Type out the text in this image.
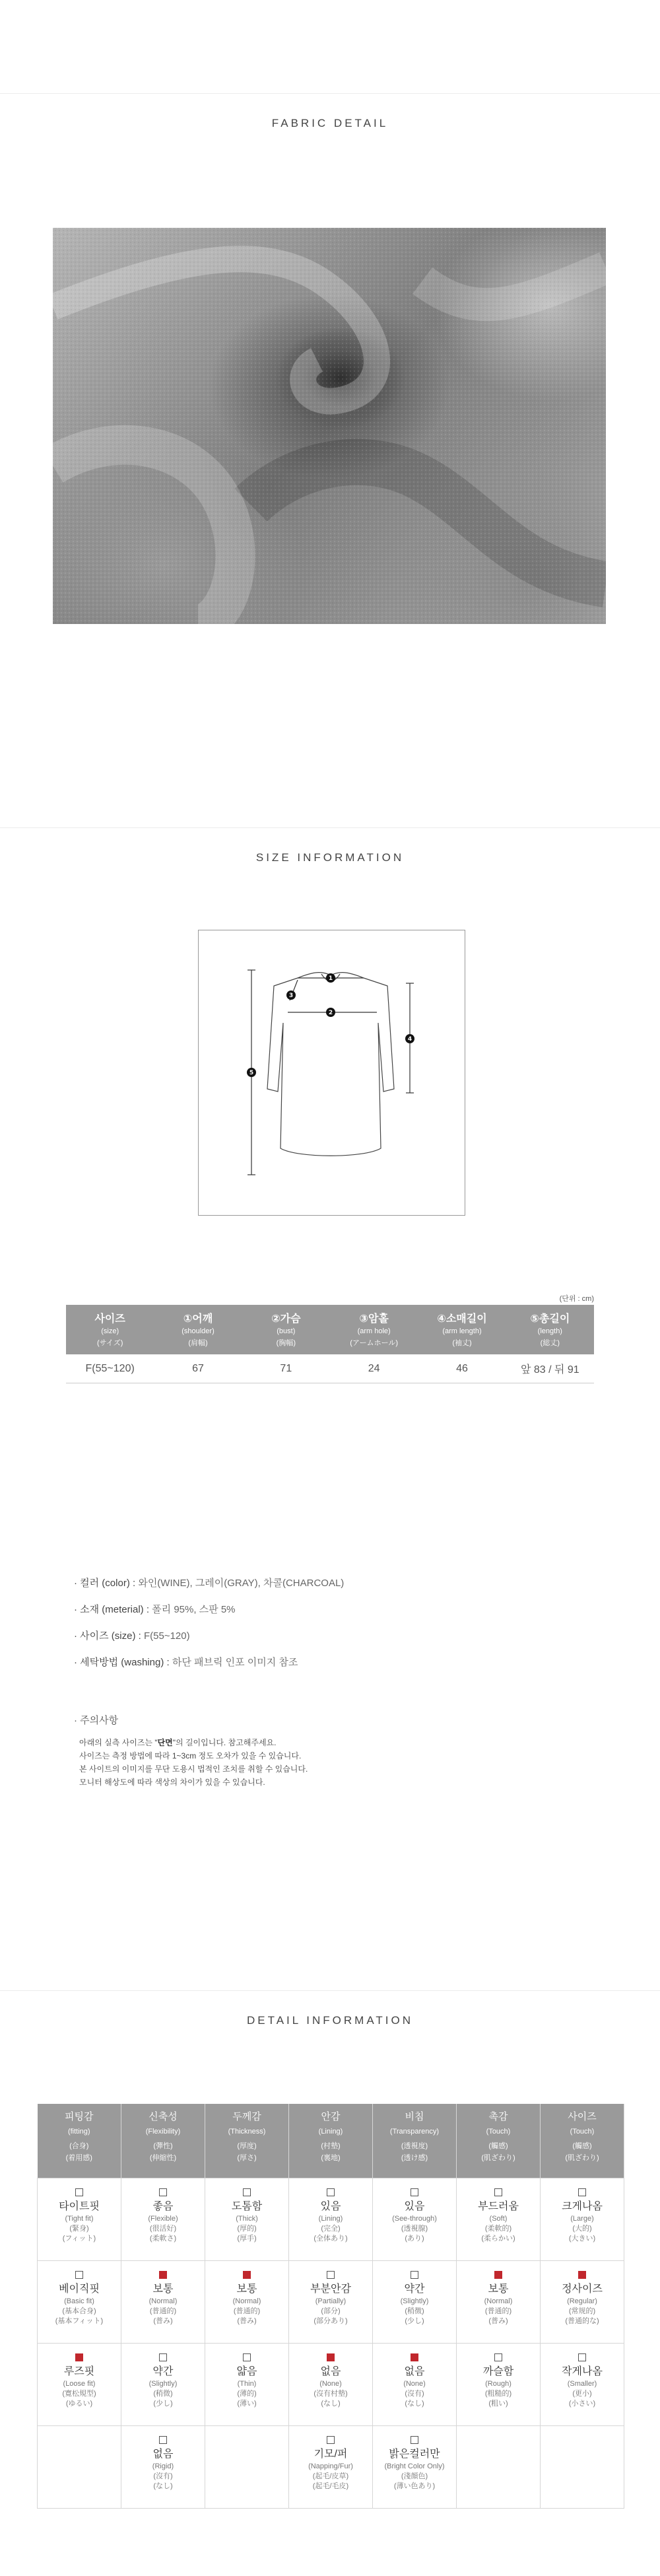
FABRIC DETAIL
SIZE INFORMATION
1
2
3
4
5
(단위 : cm)
사이즈
(size)
(サイズ)	①어깨
(shoulder)
(肩幅)	②가슴
(bust)
(胸幅)	③암홀
(arm hole)
(アームホール)	④소매길이
(arm length)
(袖丈)	⑤총길이
(length)
(総丈)

F(55~120)	67	71	24	46	앞 83 / 뒤 91
· 컬러 (color) : 와인(WINE), 그레이(GRAY), 차콜(CHARCOAL)
· 소재 (meterial) : 폴리 95%, 스판 5%
· 사이즈 (size) : F(55~120)
· 세탁방법 (washing) : 하단 패브릭 인포 이미지 참조
· 주의사항
아래의 실측 사이즈는 "단면"의 길이입니다. 참고해주세요.
사이즈는 측정 방법에 따라 1~3cm 정도 오차가 있을 수 있습니다.
본 사이트의 이미지를 무단 도용시 법적인 조치를 취할 수 있습니다.
모니터 해상도에 따라 색상의 차이가 있을 수 있습니다.
DETAIL INFORMATION
피팅감
(fitting)
(合身)
(着用感)	신축성
(Flexibility)
(彈性)
(伸縮性)	두께감
(Thickness)
(厚度)
(厚さ)	안감
(Lining)
(村墊)
(裏地)	비침
(Transparency)
(透視度)
(透け感)	촉감
(Touch)
(觸感)
(肌ざわり)	사이즈
(Touch)
(觸感)
(肌ざわり)

타이트핏
(Tight fit)
(緊身)
(フィット)	좋음
(Flexible)
(很活好)
(柔軟さ)	도톰함
(Thick)
(厚的)
(厚手)	있음
(Lining)
(完全)
(全体あり)	있음
(See-through)
(透視腺)
(あり)	부드러움
(Soft)
(柔軟的)
(柔らかい)	크게나옴
(Large)
(大的)
(大きい)

베이직핏
(Basic fit)
(基本合身)
(基本フィット)	보통
(Normal)
(普通的)
(普み)	보통
(Normal)
(普通的)
(普み)	부분안감
(Partially)
(部分)
(部分あり)	약간
(Slightly)
(稍徴)
(少し)	보통
(Normal)
(普通的)
(普み)	정사이즈
(Regular)
(常规的)
(普通的な)

루즈핏
(Loose fit)
(寛松規型)
(ゆるい)	약간
(Slightly)
(稍微)
(少し)	얇음
(Thin)
(薄的)
(薄い)	없음
(None)
(沒有村墊)
(なし)	없음
(None)
(沒有)
(なし)	까슬함
(Rough)
(粗糙的)
(粗い)	작게나옴
(Smaller)
(更小)
(小さい)

	없음
(Rigid)
(沒有)
(なし)		기모/퍼
(Napping/Fur)
(起毛/皮草)
(起毛/毛皮)	밝은컬러만
(Bright Color Only)
(淺顔色)
(薄い色あり)		
